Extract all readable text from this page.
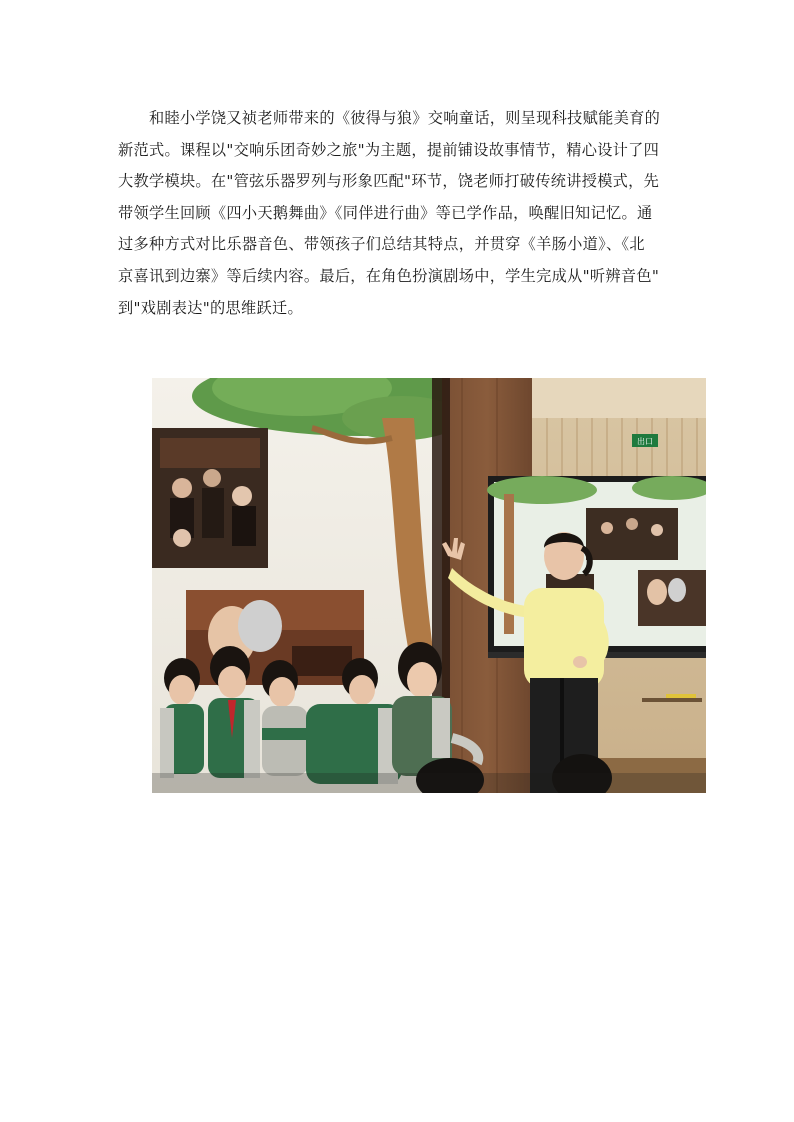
　　和睦小学饶又祯老师带来的《彼得与狼》交响童话，则呈现科技赋能美育的
新范式。课程以"交响乐团奇妙之旅"为主题，提前铺设故事情节，精心设计了四
大教学模块。在"管弦乐器罗列与形象匹配"环节，饶老师打破传统讲授模式，先
带领学生回顾《四小天鹅舞曲》《同伴进行曲》等已学作品，唤醒旧知记忆。通
过多种方式对比乐器音色、带领孩子们总结其特点，并贯穿《羊肠小道》、《北
京喜讯到边寨》等后续内容。最后，在角色扮演剧场中，学生完成从"听辨音色"
到"戏剧表达"的思维跃迁。
出口
